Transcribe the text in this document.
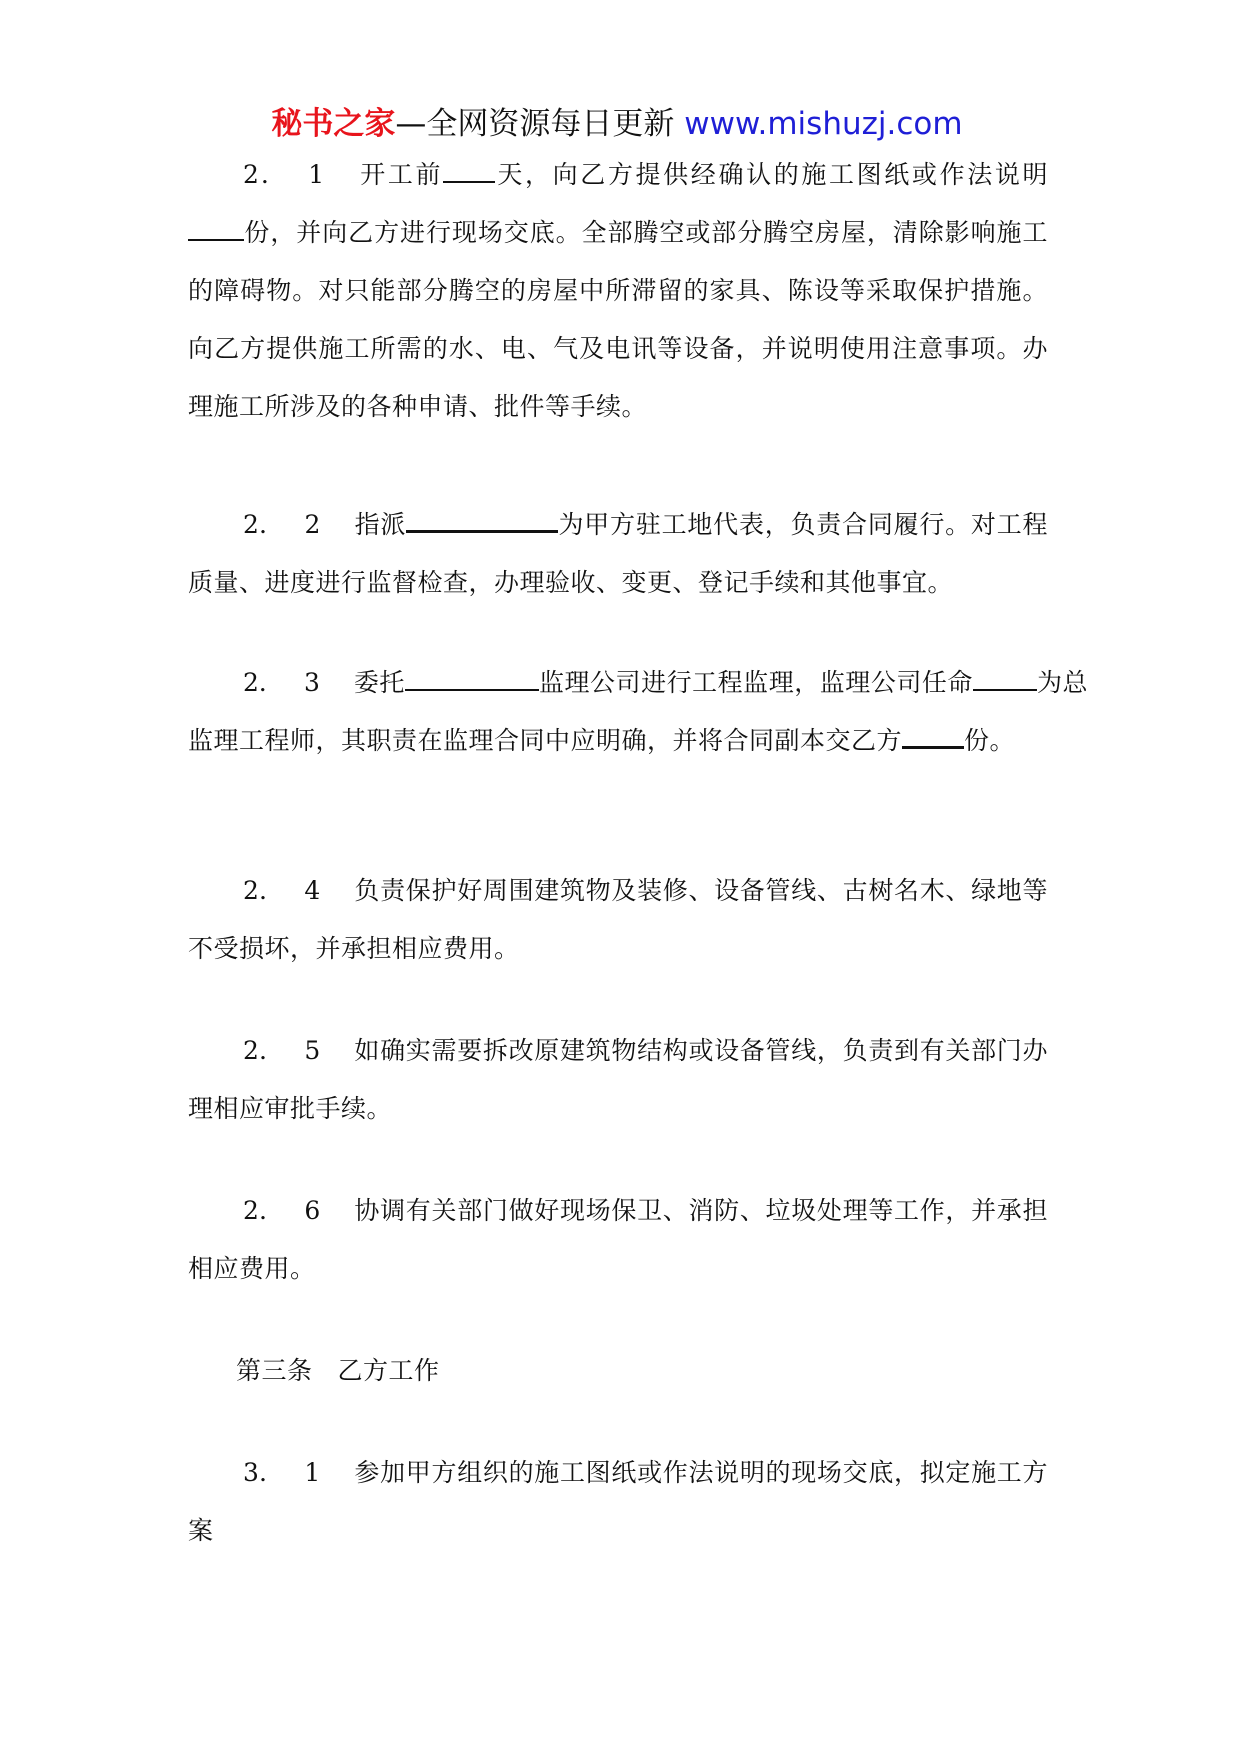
秘书之家—全网资源每日更新 www.mishuzj.com

2． 1 开工前 天，向乙方提供经确认的施工图纸或作法说明份，并向乙方进行现场交底。全部腾空或部分腾空房屋，清除影响施工的障碍物。对只能部分腾空的房屋中所滞留的家具、陈设等采取保护措施。向乙方提供施工所需的水、电、气及电讯等设备，并说明使用注意事项。办理施工所涉及的各种申请、批件等手续。

2． 2 指派	为甲方驻工地代表，负责合同履行。对工程质量、进度进行监督检查，办理验收、变更、登记手续和其他事宜。

2． 3 委托	监理公司进行工程监理，监理公司任命	为总监理工程师，其职责在监理合同中应明确，并将合同副本交乙方 份。

2． 4 负责保护好周围建筑物及装修、设备管线、古树名木、绿地等不受损坏，并承担相应费用。

2． 5 如确实需要拆改原建筑物结构或设备管线，负责到有关部门办理相应审批手续。

2． 6 协调有关部门做好现场保卫、消防、垃圾处理等工作，并承担相应费用。

第三条 乙方工作

3． 1 参加甲方组织的施工图纸或作法说明的现场交底，拟定施工方案
